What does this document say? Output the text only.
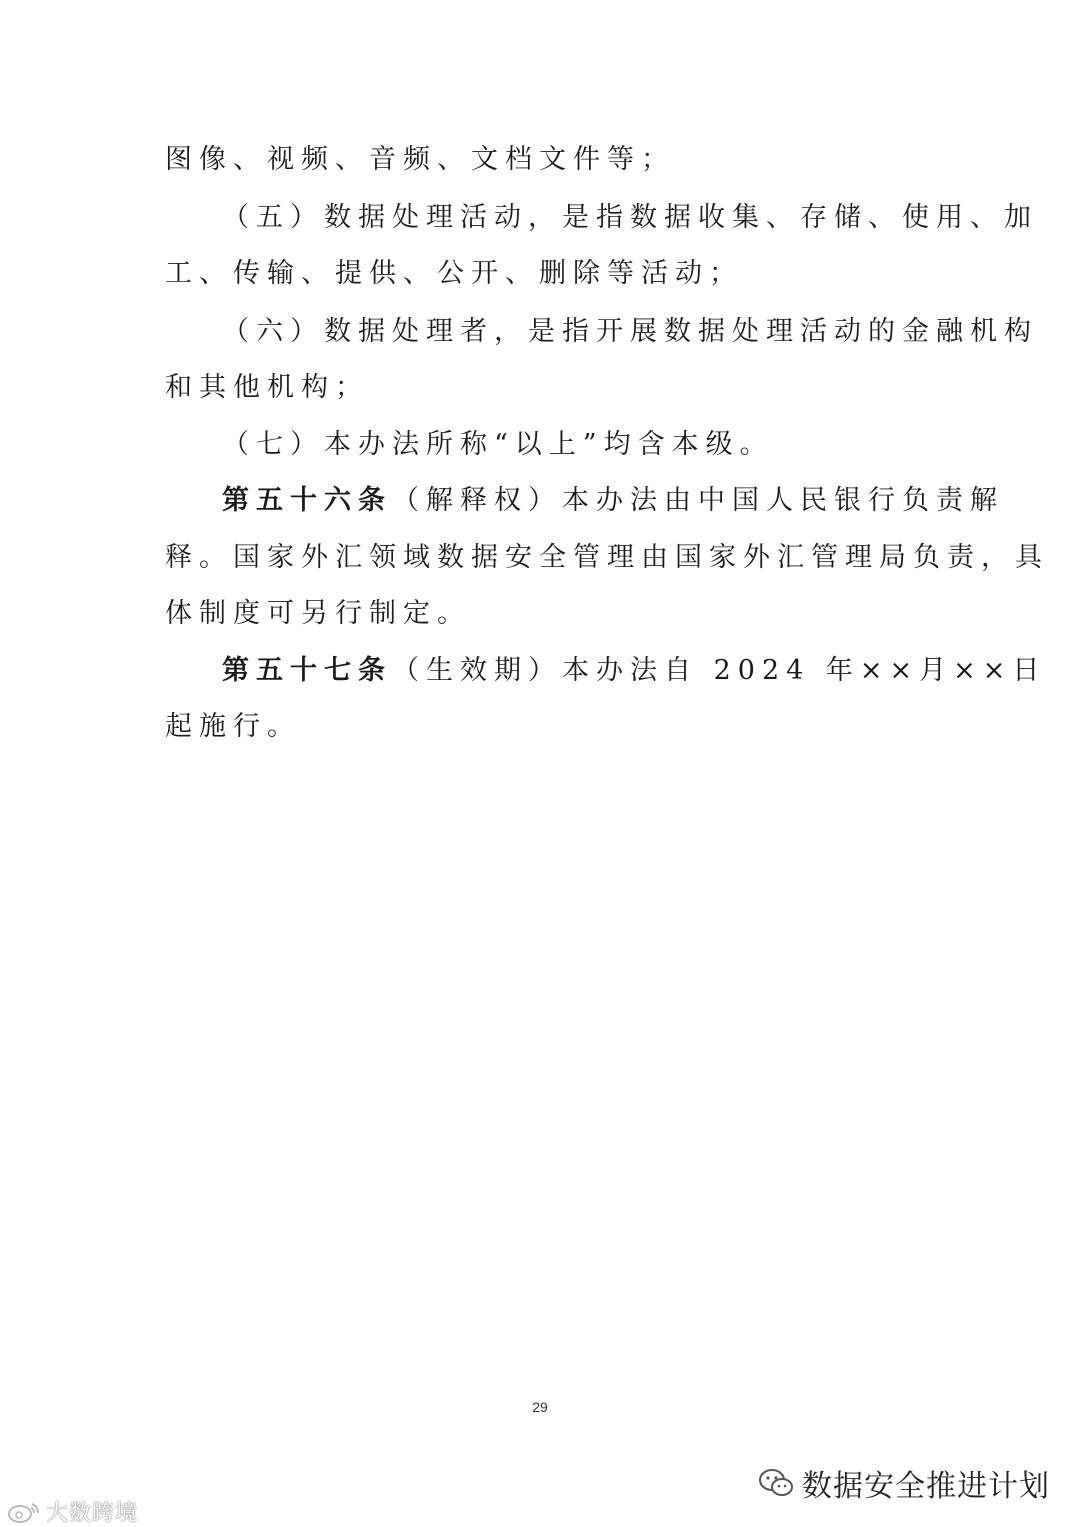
图像、视频、音频、文档文件等；
（五）数据处理活动，是指数据收集、存储、使用、加
工、传输、提供、公开、删除等活动；
（六）数据处理者，是指开展数据处理活动的金融机构
和其他机构；
（七）本办法所称“以上”均含本级。
第五十六条（解释权）本办法由中国人民银行负责解
释。国家外汇领域数据安全管理由国家外汇管理局负责，具
体制度可另行制定。
第五十七条（生效期）本办法自 2024 年××月××日
起施行。
29
数据安全推进计划
大数跨境
